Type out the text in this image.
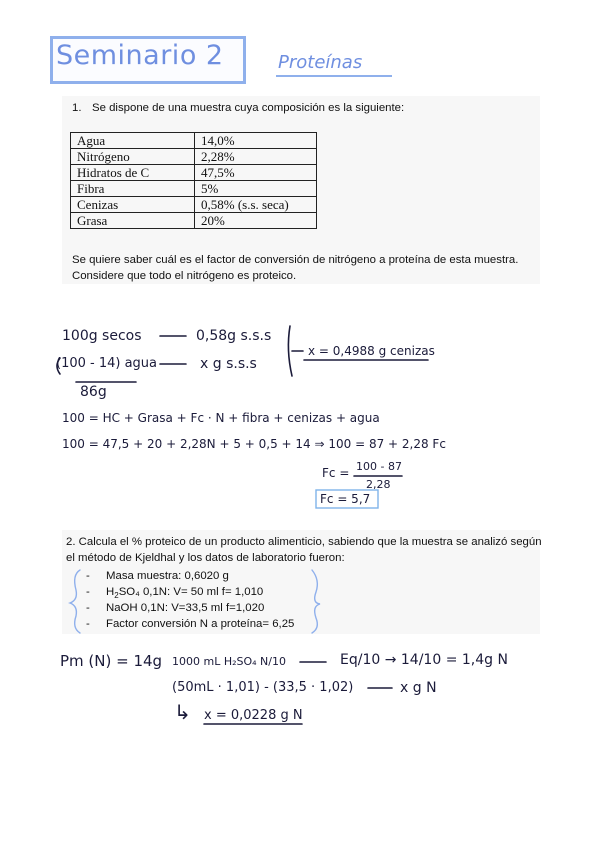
Seminario 2	Proteínas
1. Se dispone de una muestra cuya composición es la siguiente:
Agua	14,0%
Nitrógeno	2,28%
Hidratos de C	47,5%
Fibra	5%
Cenizas	0,58% (s.s. seca)
Grasa	20%
Se quiere saber cuál es el factor de conversión de nitrógeno a proteína de esta muestra.
Considere que todo el nitrógeno es proteico.
100g secos	0,58g s.s.s
(100 - 14) agua	x g s.s.s
86g
x = 0,4988 g cenizas
100 = HC + Grasa + Fc · N + fibra + cenizas + agua
100 = 47,5 + 20 + 2,28N + 5 + 0,5 + 14 ⇒ 100 = 87 + 2,28 Fc
Fc = 100 - 87
2,28
Fc = 5,7
2. Calcula el % proteico de un producto alimenticio, sabiendo que la muestra se analizó según
el método de Kjeldhal y los datos de laboratorio fueron:
- Masa muestra: 0,6020 g
- $H_2SO_4$ 0,1N: V= 50 ml f= 1,010
- NaOH 0,1N: V=33,5 ml f=1,020
- Factor conversión N a proteína= 6,25
Pm (N) = 14g 1000 mL H₂SO₄ N/10	Eq/10 → 14/10 = 1,4g N
(50mL · 1,01) - (33,5 · 1,02)	x g N
↳ x = 0,0228 g N
